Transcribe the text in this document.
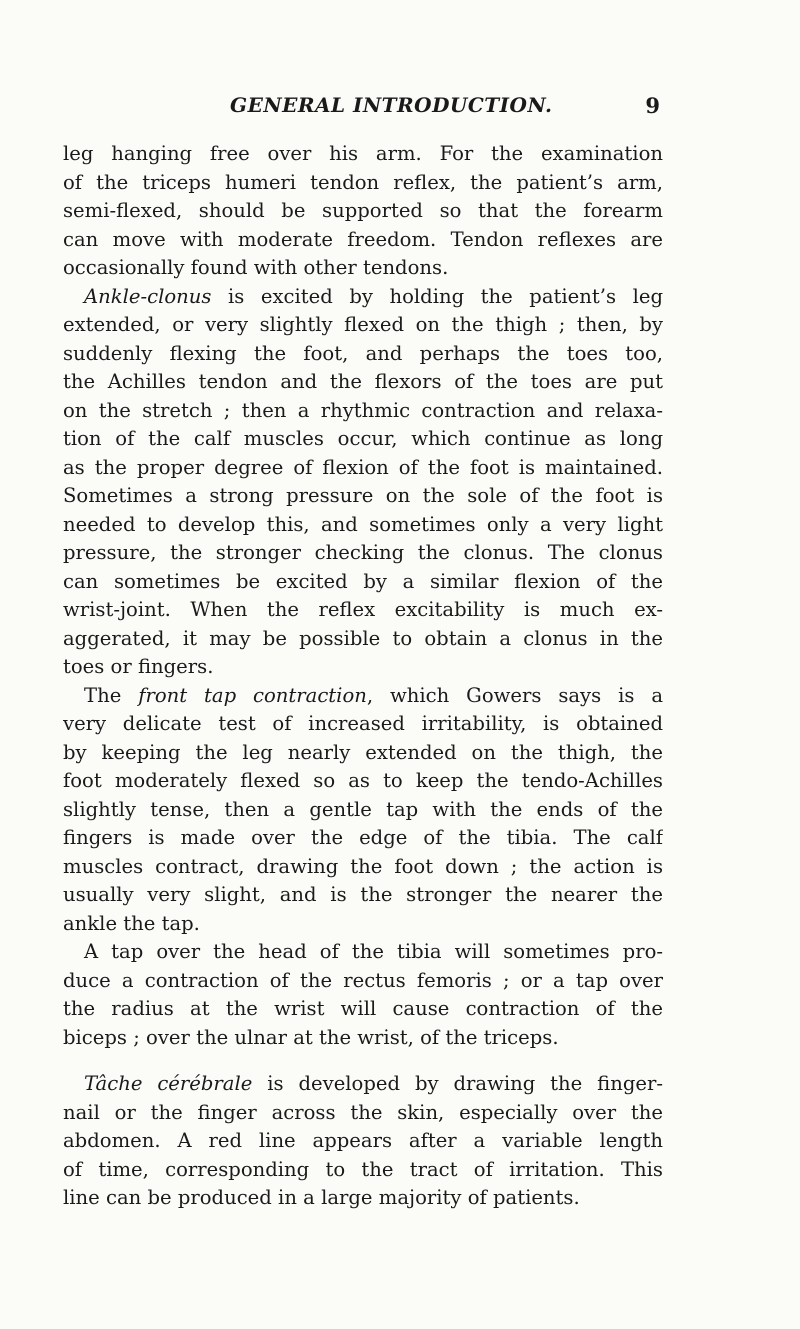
GENERAL INTRODUCTION.	9
leg hanging free over his arm. For the examination
of the triceps humeri tendon reflex, the patient’s arm,
semi-flexed, should be supported so that the forearm
can move with moderate freedom. Tendon reflexes are
occasionally found with other tendons.
Ankle-clonus is excited by holding the patient’s leg
extended, or very slightly flexed on the thigh ; then, by
suddenly flexing the foot, and perhaps the toes too,
the Achilles tendon and the flexors of the toes are put
on the stretch ; then a rhythmic contraction and relaxa-
tion of the calf muscles occur, which continue as long
as the proper degree of flexion of the foot is maintained.
Sometimes a strong pressure on the sole of the foot is
needed to develop this, and sometimes only a very light
pressure, the stronger checking the clonus. The clonus
can sometimes be excited by a similar flexion of the
wrist-joint. When the reflex excitability is much ex-
aggerated, it may be possible to obtain a clonus in the
toes or fingers.
The front tap contraction, which Gowers says is a
very delicate test of increased irritability, is obtained
by keeping the leg nearly extended on the thigh, the
foot moderately flexed so as to keep the tendo-Achilles
slightly tense, then a gentle tap with the ends of the
fingers is made over the edge of the tibia. The calf
muscles contract, drawing the foot down ; the action is
usually very slight, and is the stronger the nearer the
ankle the tap.
A tap over the head of the tibia will sometimes pro-
duce a contraction of the rectus femoris ; or a tap over
the radius at the wrist will cause contraction of the
biceps ; over the ulnar at the wrist, of the triceps.
Tâche cérébrale is developed by drawing the finger-
nail or the finger across the skin, especially over the
abdomen. A red line appears after a variable length
of time, corresponding to the tract of irritation. This
line can be produced in a large majority of patients.
